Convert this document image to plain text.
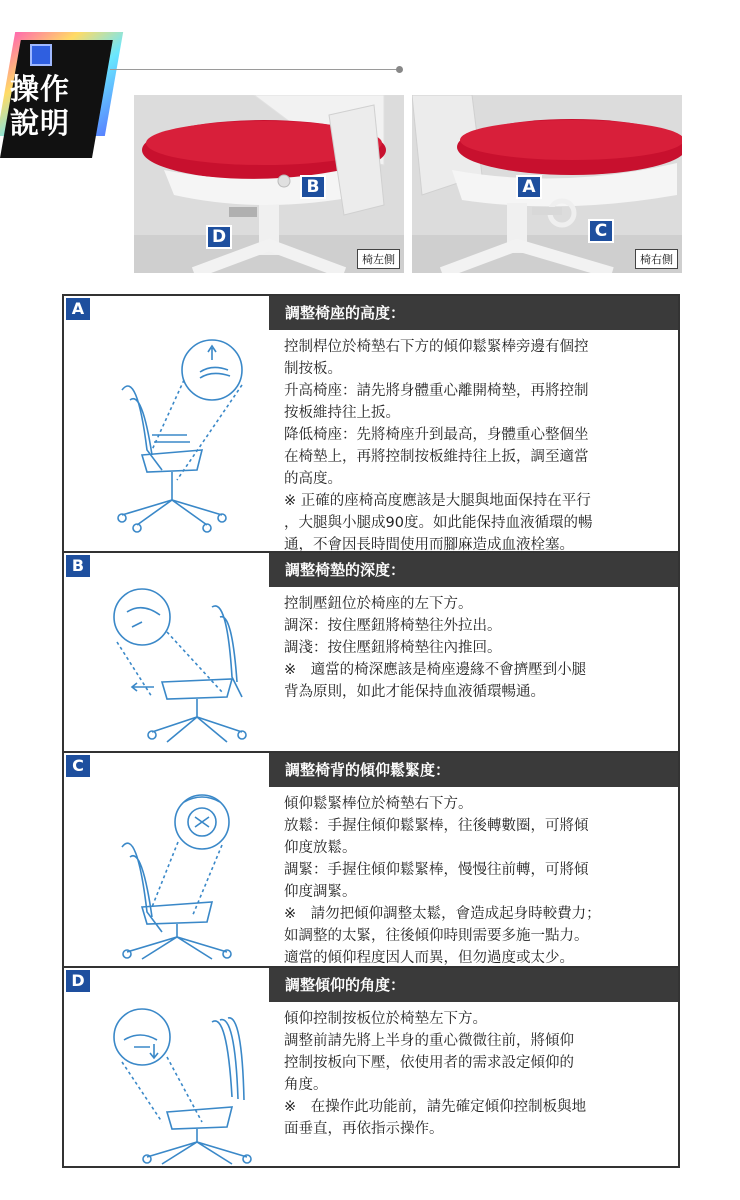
操作
說明
B
D
椅左側
A
C
椅右側
A	調整椅座的高度：

控制桿位於椅墊右下方的傾仰鬆緊棒旁邊有個控

制按板。

升高椅座：請先將身體重心離開椅墊，再將控制

按板維持往上扳。

降低椅座：先將椅座升到最高，身體重心整個坐

在椅墊上，再將控制按板維持往上扳，調至適當

的高度。

※ 正確的座椅高度應該是大腿與地面保持在平行

，大腿與小腿成90度。如此能保持血液循環的暢

通，不會因長時間使用而腳麻造成血液栓塞。

B	調整椅墊的深度：

控制壓鈕位於椅座的左下方。

調深：按住壓鈕將椅墊往外拉出。

調淺：按住壓鈕將椅墊往內推回。

※　適當的椅深應該是椅座邊緣不會擠壓到小腿

背為原則，如此才能保持血液循環暢通。

C	調整椅背的傾仰鬆緊度：

傾仰鬆緊棒位於椅墊右下方。

放鬆：手握住傾仰鬆緊棒，往後轉數圈，可將傾

仰度放鬆。

調緊：手握住傾仰鬆緊棒，慢慢往前轉，可將傾

仰度調緊。

※　請勿把傾仰調整太鬆，會造成起身時較費力；

如調整的太緊，往後傾仰時則需要多施一點力。

適當的傾仰程度因人而異，但勿過度或太少。

D	調整傾仰的角度：

傾仰控制按板位於椅墊左下方。

調整前請先將上半身的重心微微往前，將傾仰

控制按板向下壓，依使用者的需求設定傾仰的

角度。

※　在操作此功能前，請先確定傾仰控制板與地

面垂直，再依指示操作。
